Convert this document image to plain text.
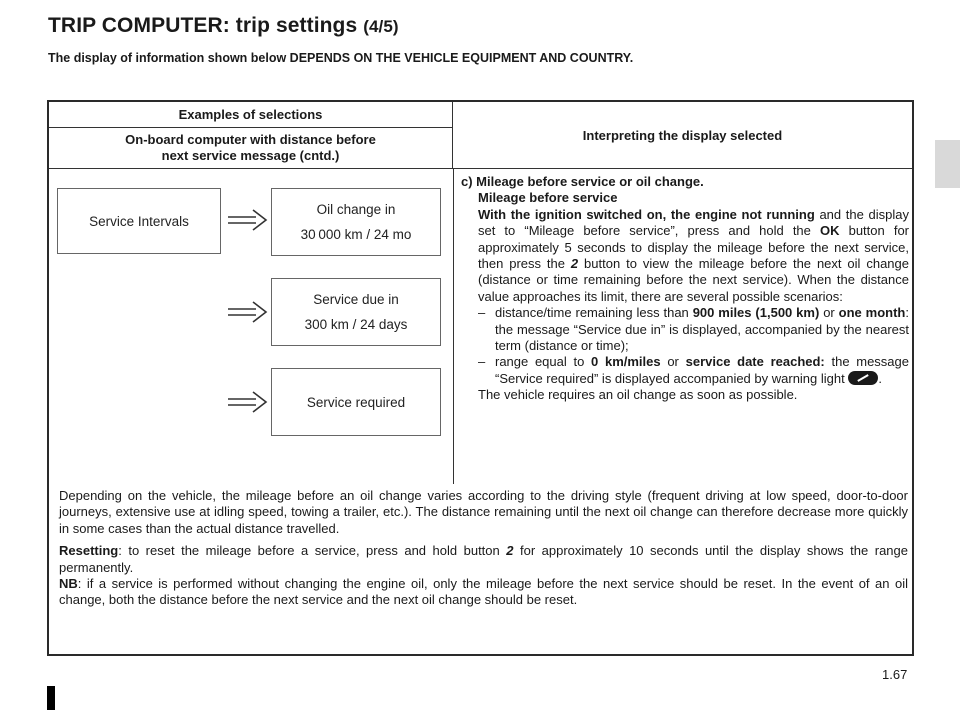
TRIP COMPUTER: trip settings (4/5)
The display of information shown below DEPENDS ON THE VEHICLE EQUIPMENT AND COUNTRY.
Examples of selections
On-board computer with distance before
next service message (cntd.)
Interpreting the display selected
Service Intervals
Oil change in
30 000 km / 24 mo
Service due in
300 km / 24 days
Service required
c) Mileage before service or oil change.
Mileage before service
With the ignition switched on, the engine not running and the display set to “Mileage before service”, press and hold the OK button for approximately 5 seconds to display the mileage before the next service, then press the 2 button to view the mileage before the next oil change (distance or time remaining before the next service). When the distance value approaches its limit, there are several possible scenarios:
– distance/time remaining less than 900 miles (1,500 km) or one month: the message “Service due in” is displayed, accompanied by the nearest term (distance or time);
– range equal to 0 km/miles or service date reached: the message “Service required” is displayed accompanied by warning light .
The vehicle requires an oil change as soon as possible.

Depending on the vehicle, the mileage before an oil change varies according to the driving style (frequent driving at low speed, door-to-door journeys, extensive use at idling speed, towing a trailer, etc.). The distance remaining until the next oil change can therefore decrease more quickly in some cases than the actual distance travelled.

Resetting: to reset the mileage before a service, press and hold button 2 for approximately 10 seconds until the display shows the range permanently.

NB: if a service is performed without changing the engine oil, only the mileage before the next service should be reset. In the event of an oil change, both the distance before the next service and the next oil change should be reset.

1.67
